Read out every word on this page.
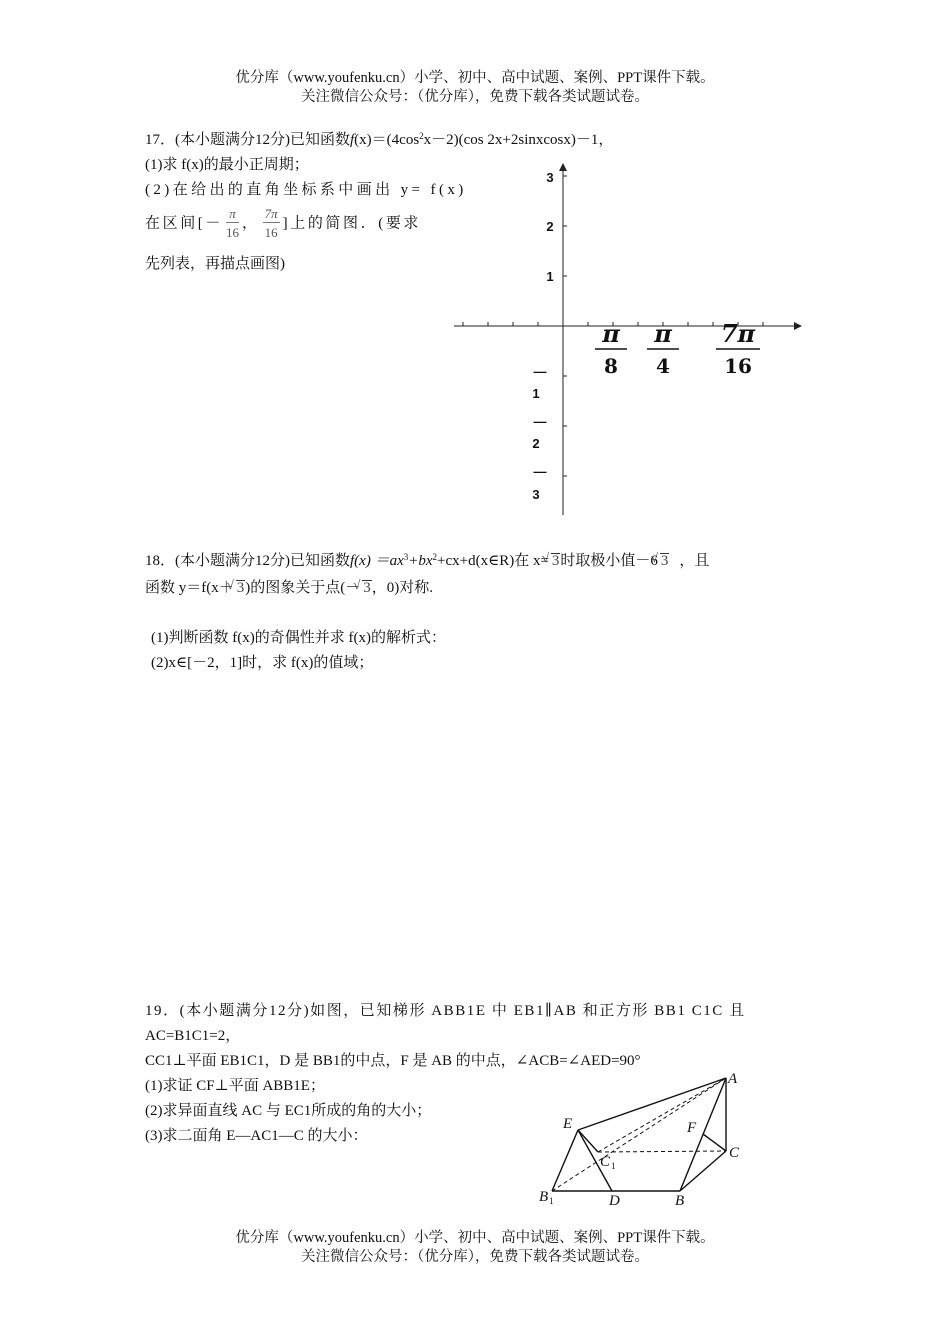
优分库（www.youfenku.cn）小学、初中、高中试题、案例、PPT课件下载。
关注微信公众号：（优分库），免费下载各类试题试卷。
17．(本小题满分12分)已知函数$f(x)=(4\cos^2x-2)(\cos$ 2x+2sinxcosx)－1，
(1)求 f(x)的最小正周期；
(2)在给出的直角坐标系中画出 y= f(x)
在区间[－ $\frac{\pi}{16}$ ， $\frac{7\pi}{16}$ ]上的简图．(要求
先列表，再描点画图)
3
2
1
—
1
—
2
—
3
π
8
π
4
7π
16
18．(本小题满分12分)已知函数$f(x) =ax^3+bx^2+cx+d(x\in R)$在 x= √ 3时取极小值－6 √ 3 ，且
函数 y＝f(x＋ √ 3)的图象关于点(－ √ 3，0)对称.
(1)判断函数 f(x)的奇偶性并求 f(x)的解析式：
(2)x∈[－2，1]时，求 f(x)的值域；
19．(本小题满分12分)如图，已知梯形 ABB1E 中 EB1∥AB 和正方形 BB1 C1C 且
AC=B1C1=2，
CC1⊥平面 EB1C1，D 是 BB1的中点，F 是 AB 的中点，∠ACB=∠AED=90°
(1)求证 CF⊥平面 ABB1E；
(2)求异面直线 AC 与 EC1所成的角的大小；
(3)求二面角 E—AC1—C 的大小：
A
E	F
C 1
C
B 1	D	B
优分库（www.youfenku.cn）小学、初中、高中试题、案例、PPT课件下载。
关注微信公众号：（优分库），免费下载各类试题试卷。
